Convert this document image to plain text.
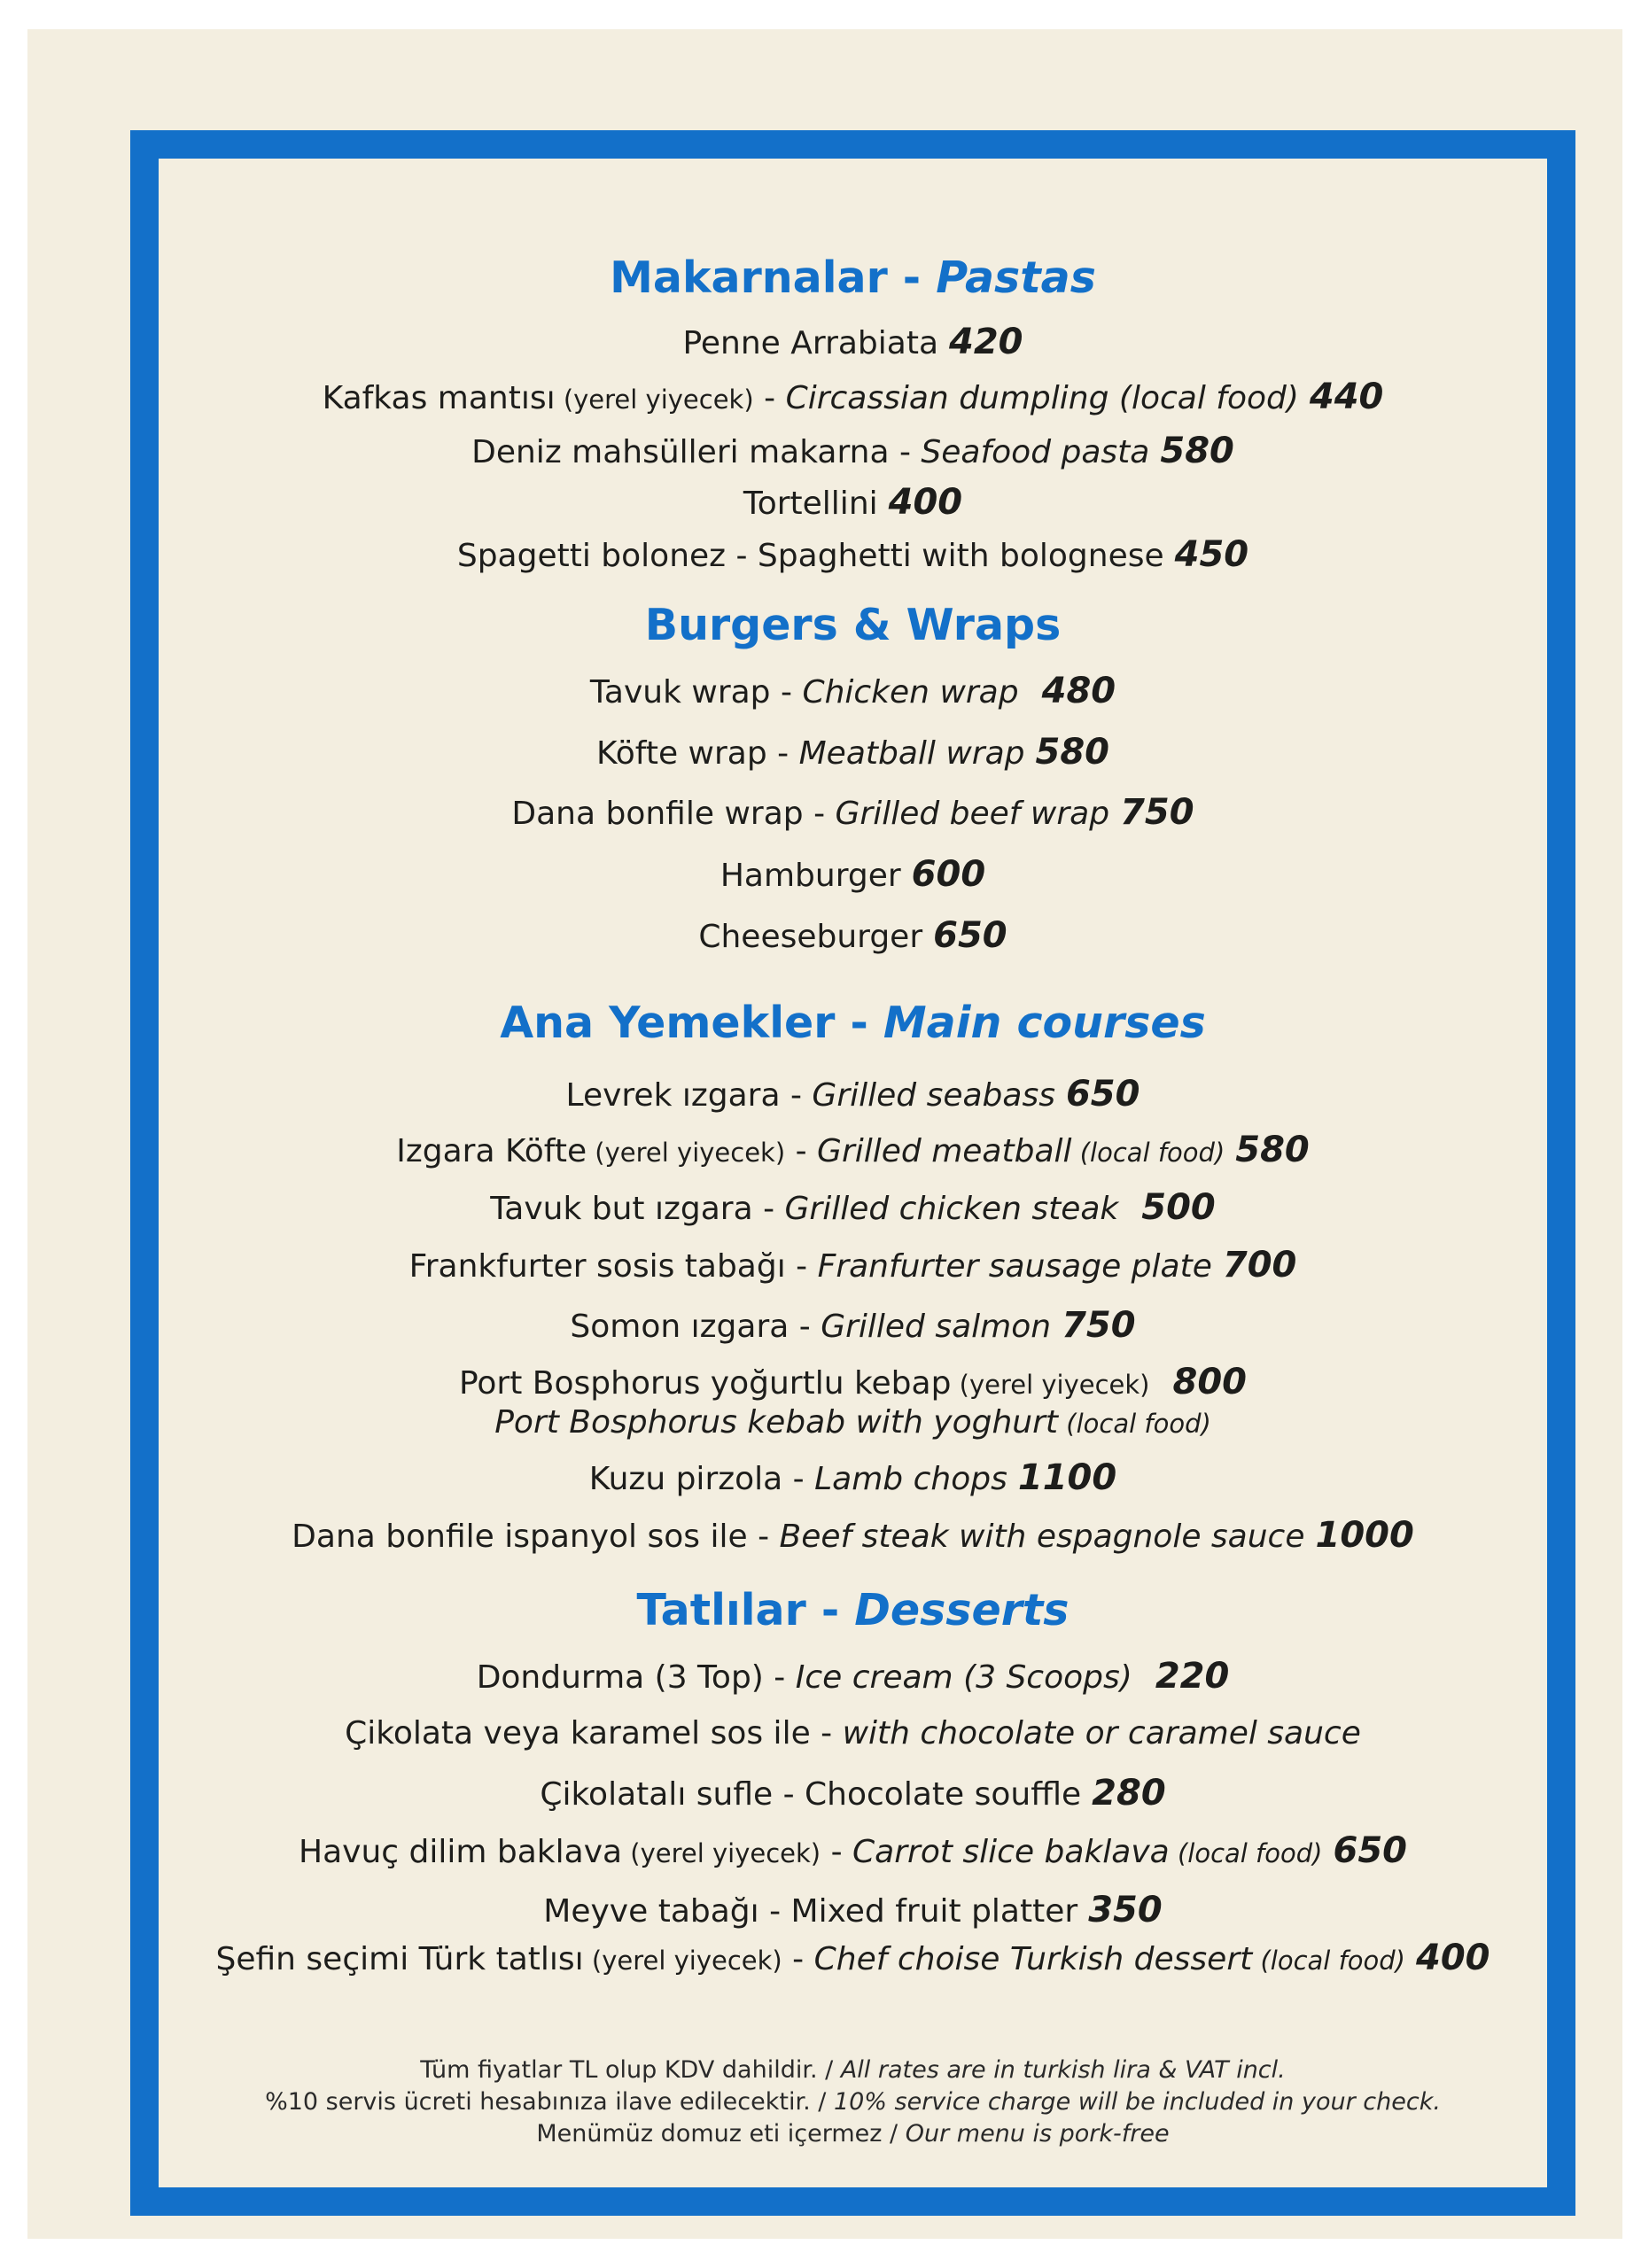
Makarnalar - Pastas
Penne Arrabiata 420
Kafkas mantısı (yerel yiyecek) - Circassian dumpling (local food) 440
Deniz mahsülleri makarna - Seafood pasta 580
Tortellini 400
Spagetti bolonez - Spaghetti with bolognese 450
Burgers & Wraps
Tavuk wrap - Chicken wrap 480
Köfte wrap - Meatball wrap 580
Dana bonfile wrap - Grilled beef wrap 750
Hamburger 600
Cheeseburger 650
Ana Yemekler - Main courses
Levrek ızgara - Grilled seabass 650
Izgara Köfte (yerel yiyecek) - Grilled meatball (local food) 580
Tavuk but ızgara - Grilled chicken steak 500
Frankfurter sosis tabağı - Franfurter sausage plate 700
Somon ızgara - Grilled salmon 750
Port Bosphorus yoğurtlu kebap (yerel yiyecek) 800
Port Bosphorus kebab with yoghurt (local food)
Kuzu pirzola - Lamb chops 1100
Dana bonfile ispanyol sos ile - Beef steak with espagnole sauce 1000
Tatlılar - Desserts
Dondurma (3 Top) - Ice cream (3 Scoops) 220
Çikolata veya karamel sos ile - with chocolate or caramel sauce
Çikolatalı sufle - Chocolate souffle 280
Havuç dilim baklava (yerel yiyecek) - Carrot slice baklava (local food) 650
Meyve tabağı - Mixed fruit platter 350
Şefin seçimi Türk tatlısı (yerel yiyecek) - Chef choise Turkish dessert (local food) 400
Tüm fiyatlar TL olup KDV dahildir. / All rates are in turkish lira & VAT incl.
%10 servis ücreti hesabınıza ilave edilecektir. / 10% service charge will be included in your check.
Menümüz domuz eti içermez / Our menu is pork-free
